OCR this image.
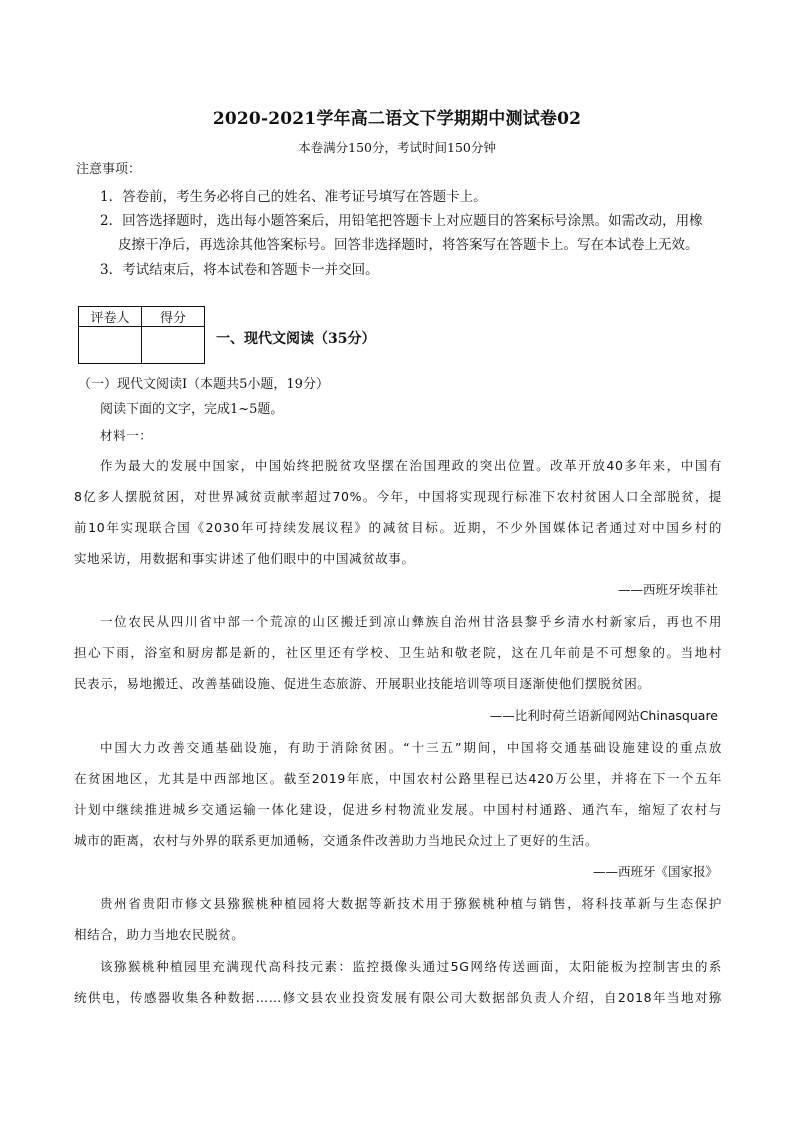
2020-2021学年高二语文下学期期中测试卷02
本卷满分150分，考试时间150分钟
注意事项：
1．答卷前，考生务必将自己的姓名、准考证号填写在答题卡上。
2．回答选择题时，选出每小题答案后，用铅笔把答题卡上对应题目的答案标号涂黑。如需改动，用橡
皮擦干净后，再选涂其他答案标号。回答非选择题时，将答案写在答题卡上。写在本试卷上无效。
3．考试结束后，将本试卷和答题卡一并交回。
评卷人	得分

一、现代文阅读（35分）
（一）现代文阅读Ⅰ（本题共5小题，19分）
阅读下面的文字，完成1~5题。
材料一：
作为最大的发展中国家，中国始终把脱贫攻坚摆在治国理政的突出位置。改革开放40多年来，中国有
8亿多人摆脱贫困，对世界减贫贡献率超过70%。今年，中国将实现现行标准下农村贫困人口全部脱贫，提
前10年实现联合国《2030年可持续发展议程》的减贫目标。近期，不少外国媒体记者通过对中国乡村的
实地采访，用数据和事实讲述了他们眼中的中国减贫故事。
——西班牙埃菲社
一位农民从四川省中部一个荒凉的山区搬迁到凉山彝族自治州甘洛县黎乎乡清水村新家后，再也不用
担心下雨，浴室和厨房都是新的，社区里还有学校、卫生站和敬老院，这在几年前是不可想象的。当地村
民表示，易地搬迁、改善基础设施、促进生态旅游、开展职业技能培训等项目逐渐使他们摆脱贫困。
——比利时荷兰语新闻网站Chinasquare
中国大力改善交通基础设施，有助于消除贫困。“十三五”期间，中国将交通基础设施建设的重点放
在贫困地区，尤其是中西部地区。截至2019年底，中国农村公路里程已达420万公里，并将在下一个五年
计划中继续推进城乡交通运输一体化建设，促进乡村物流业发展。中国村村通路、通汽车，缩短了农村与
城市的距离，农村与外界的联系更加通畅，交通条件改善助力当地民众过上了更好的生活。
——西班牙《国家报》
贵州省贵阳市修文县猕猴桃种植园将大数据等新技术用于猕猴桃种植与销售，将科技革新与生态保护
相结合，助力当地农民脱贫。
该猕猴桃种植园里充满现代高科技元素：监控摄像头通过5G网络传送画面，太阳能板为控制害虫的系
统供电，传感器收集各种数据……修文县农业投资发展有限公司大数据部负责人介绍，自2018年当地对猕
